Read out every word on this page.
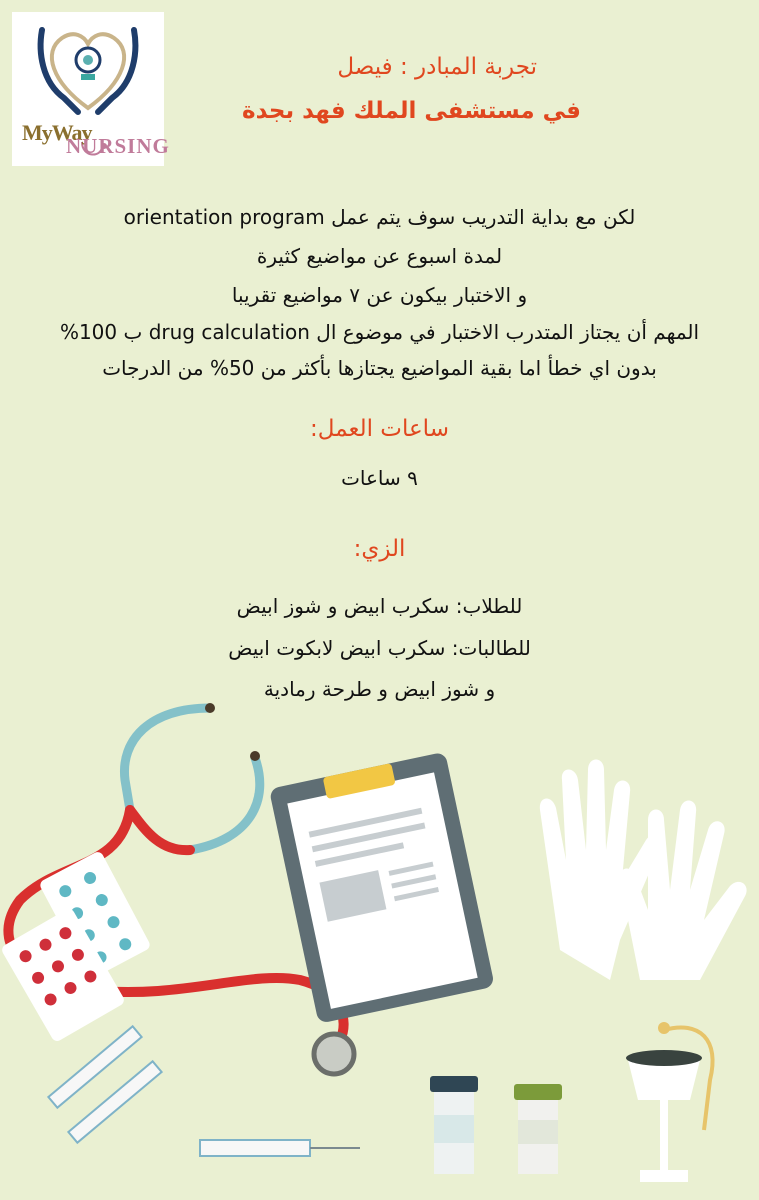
MyWay
NURSING
تجربة المبادر : فيصل
في مستشفى الملك فهد بجدة
لكن مع بداية التدريب سوف يتم عمل orientation program
لمدة اسبوع عن مواضيع كثيرة
و الاختبار بيكون عن ٧ مواضيع تقريبا
المهم أن يجتاز المتدرب الاختبار في موضوع ال drug calculation ب 100%
بدون اي خطأ اما بقية المواضيع يجتازها بأكثر من 50% من الدرجات
ساعات العمل:
٩ ساعات
الزي:
للطلاب: سكرب ابيض و شوز ابيض
للطالبات: سكرب ابيض لابكوت ابيض
و شوز ابيض و طرحة رمادية
